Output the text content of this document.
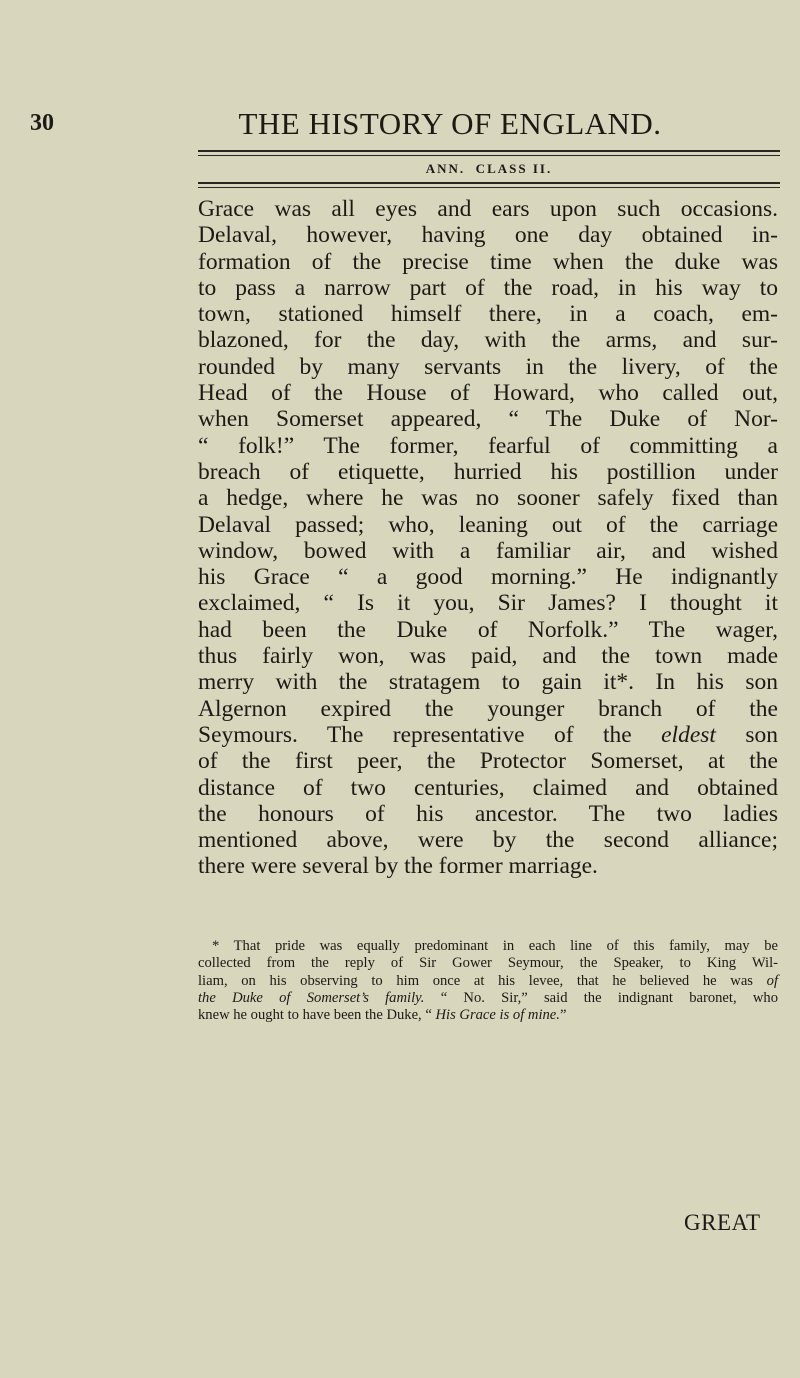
30	THE HISTORY OF ENGLAND.
ANN.  CLASS II.
Grace was all eyes and ears upon such occasions.
Delaval, however, having one day obtained in-
formation of the precise time when the duke was
to pass a narrow part of the road, in his way to
town, stationed himself there, in a coach, em-
blazoned, for the day, with the arms, and sur-
rounded by many servants in the livery, of the
Head of the House of Howard, who called out,
when Somerset appeared, “ The Duke of Nor-
“ folk!” The former, fearful of committing a
breach of etiquette, hurried his postillion under
a hedge, where he was no sooner safely fixed than
Delaval passed; who, leaning out of the carriage
window, bowed with a familiar air, and wished
his Grace “ a good morning.” He indignantly
exclaimed, “ Is it you, Sir James? I thought it
had been the Duke of Norfolk.” The wager,
thus fairly won, was paid, and the town made
merry with the stratagem to gain it*. In his son
Algernon expired the younger branch of the
Seymours. The representative of the eldest son
of the first peer, the Protector Somerset, at the
distance of two centuries, claimed and obtained
the honours of his ancestor. The two ladies
mentioned above, were by the second alliance;
there were several by the former marriage.
* That pride was equally predominant in each line of this family, may be
collected from the reply of Sir Gower Seymour, the Speaker, to King Wil-
liam, on his observing to him once at his levee, that he believed he was of
the Duke of Somerset’s family. “ No. Sir,” said the indignant baronet, who
knew he ought to have been the Duke, “ His Grace is of mine.”
GREAT
